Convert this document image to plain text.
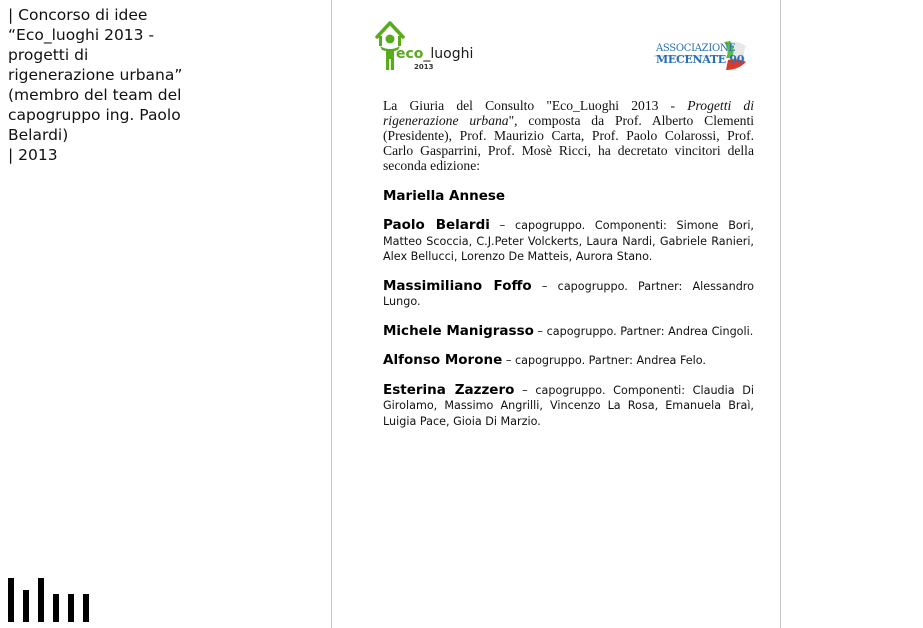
| Concorso di idee
“Eco_luoghi 2013 -
progetti di
rigenerazione urbana”
(membro del team del
capogruppo ing. Paolo
Belardi)
| 2013
eco_luoghi
2013
ASSOCIAZIONE
MECENATE 90
La Giuria del Consulto "Eco_Luoghi 2013 - Progetti di rigenerazione urbana", composta da Prof. Alberto Clementi (Presidente), Prof. Maurizio Carta, Prof. Paolo Colarossi, Prof. Carlo Gasparrini, Prof. Mosè Ricci, ha decretato vincitori della seconda edizione:
Mariella Annese
Paolo Belardi – capogruppo. Componenti: Simone Bori, Matteo Scoccia, C.J.Peter Volckerts, Laura Nardi, Gabriele Ranieri, Alex Bellucci, Lorenzo De Matteis, Aurora Stano.
Massimiliano Foffo – capogruppo. Partner: Alessandro Lungo.
Michele Manigrasso – capogruppo. Partner: Andrea Cingoli.
Alfonso Morone – capogruppo. Partner: Andrea Felo.
Esterina Zazzero – capogruppo. Componenti: Claudia Di Girolamo, Massimo Angrilli, Vincenzo La Rosa, Emanuela Braì, Luigia Pace, Gioia Di Marzio.
